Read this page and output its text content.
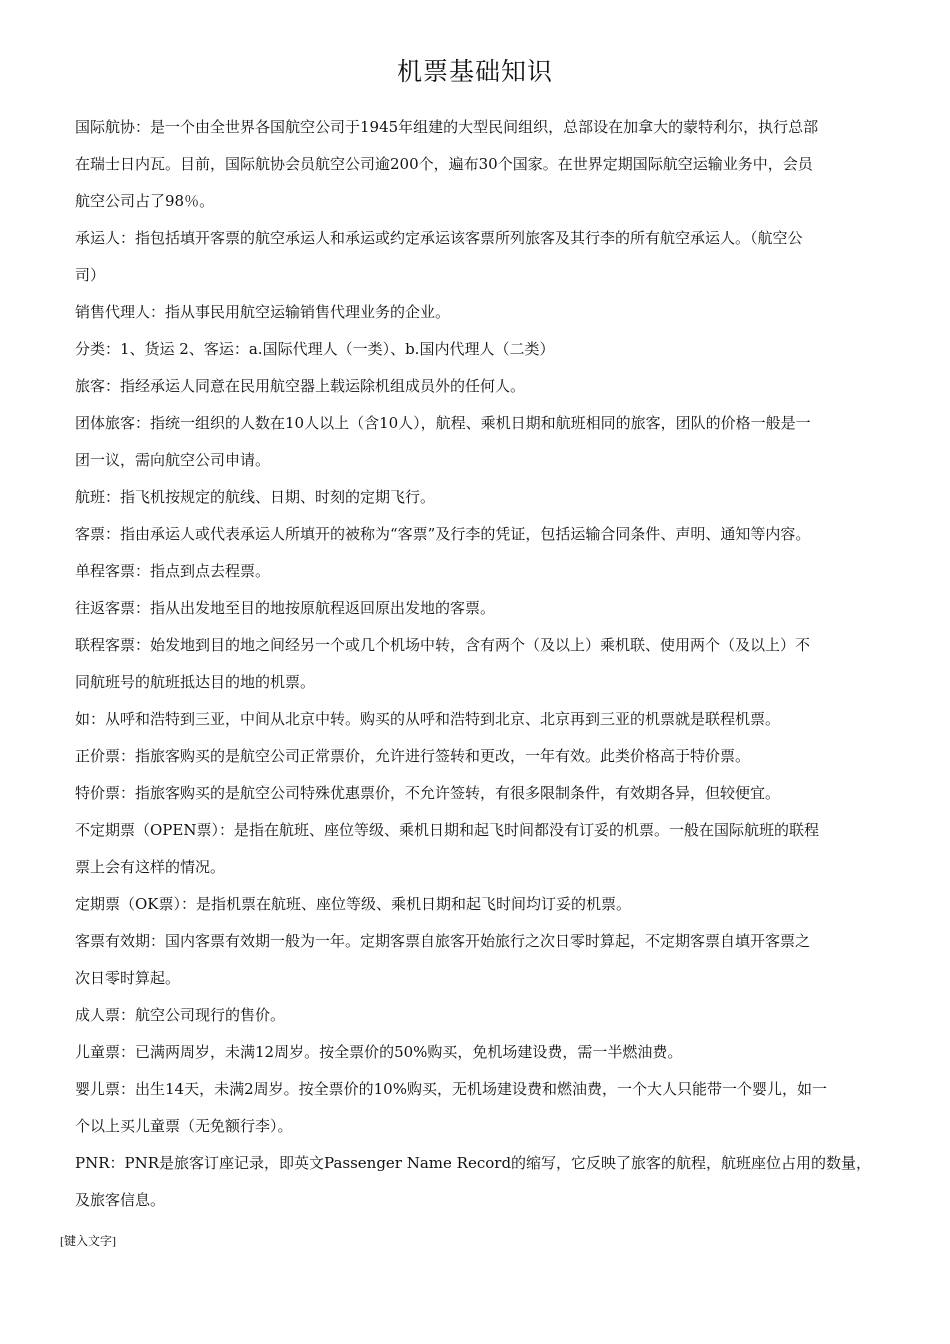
机票基础知识

国际航协：是一个由全世界各国航空公司于1945年组建的大型民间组织，总部设在加拿大的蒙特利尔，执行总部
在瑞士日内瓦。目前，国际航协会员航空公司逾200个，遍布30个国家。在世界定期国际航空运输业务中，会员
航空公司占了98％。

承运人：指包括填开客票的航空承运人和承运或约定承运该客票所列旅客及其行李的所有航空承运人。（航空公
司）

销售代理人：指从事民用航空运输销售代理业务的企业。

分类：1、货运 2、客运：a.国际代理人（一类）、b.国内代理人（二类）

旅客：指经承运人同意在民用航空器上载运除机组成员外的任何人。

团体旅客：指统一组织的人数在10人以上（含10人），航程、乘机日期和航班相同的旅客，团队的价格一般是一
团一议，需向航空公司申请。

航班：指飞机按规定的航线、日期、时刻的定期飞行。

客票：指由承运人或代表承运人所填开的被称为“客票”及行李的凭证，包括运输合同条件、声明、通知等内容。

单程客票：指点到点去程票。

往返客票：指从出发地至目的地按原航程返回原出发地的客票。

联程客票：始发地到目的地之间经另一个或几个机场中转，含有两个（及以上）乘机联、使用两个（及以上）不
同航班号的航班抵达目的地的机票。

如：从呼和浩特到三亚，中间从北京中转。购买的从呼和浩特到北京、北京再到三亚的机票就是联程机票。

正价票：指旅客购买的是航空公司正常票价，允许进行签转和更改，一年有效。此类价格高于特价票。

特价票：指旅客购买的是航空公司特殊优惠票价，不允许签转，有很多限制条件，有效期各异，但较便宜。

不定期票（OPEN票）：是指在航班、座位等级、乘机日期和起飞时间都没有订妥的机票。一般在国际航班的联程
票上会有这样的情况。

定期票（OK票）：是指机票在航班、座位等级、乘机日期和起飞时间均订妥的机票。

客票有效期：国内客票有效期一般为一年。定期客票自旅客开始旅行之次日零时算起，不定期客票自填开客票之
次日零时算起。

成人票：航空公司现行的售价。

儿童票：已满两周岁，未满12周岁。按全票价的50%购买，免机场建设费，需一半燃油费。

婴儿票：出生14天，未满2周岁。按全票价的10%购买，无机场建设费和燃油费，一个大人只能带一个婴儿，如一
个以上买儿童票（无免额行李）。

PNR：PNR是旅客订座记录，即英文Passenger Name Record的缩写，它反映了旅客的航程，航班座位占用的数量，
及旅客信息。

[键入文字]
